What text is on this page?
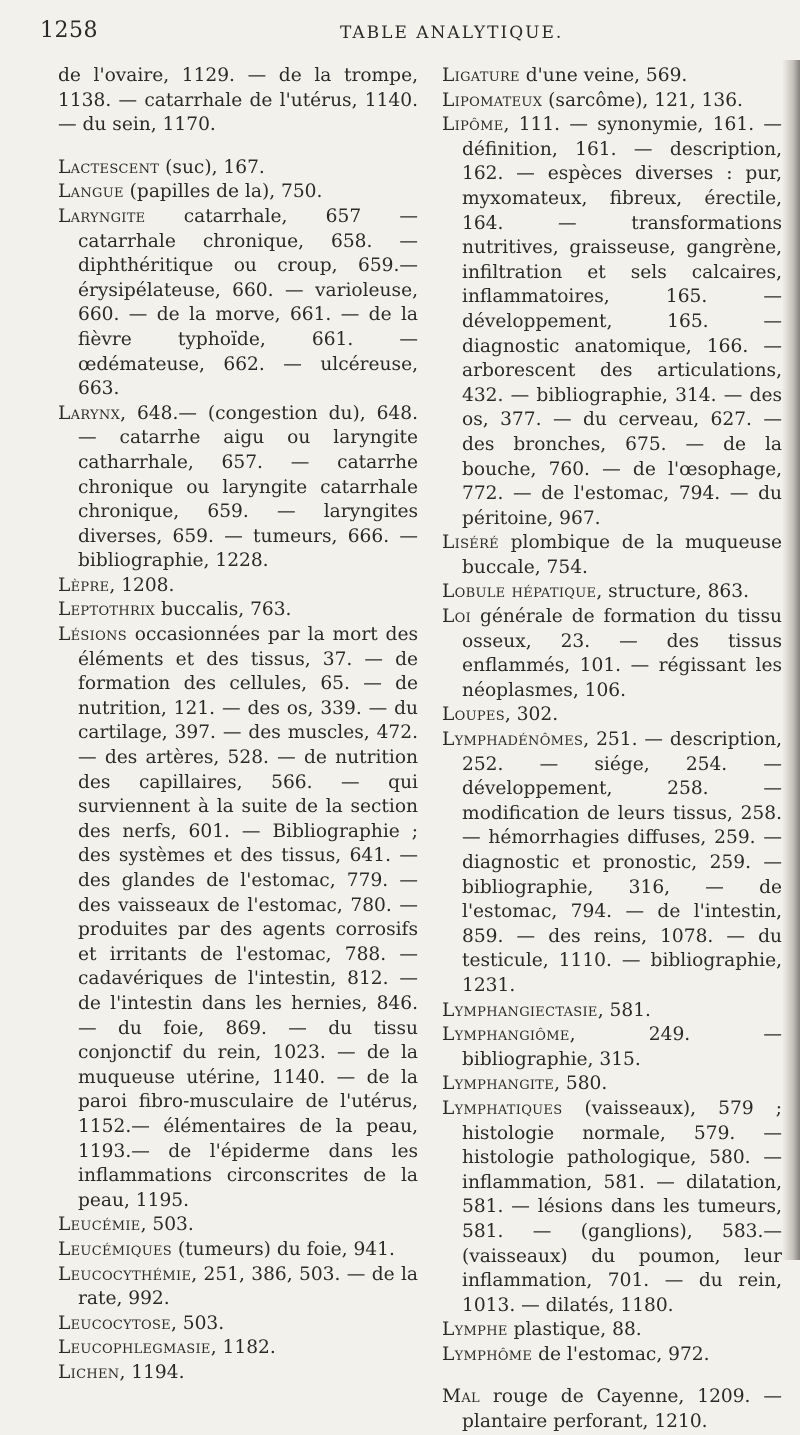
1258	TABLE ANALYTIQUE.

de l'ovaire, 1129. — de la trompe, 1138. — catarrhale de l'utérus, 1140. — du sein, 1170.

Lactescent (suc), 167.

Langue (papilles de la), 750.

Laryngite catarrhale, 657 — catarrhale chronique, 658. — diphthéritique ou croup, 659.— érysipélateuse, 660. — varioleuse, 660. — de la morve, 661. — de la fièvre typhoïde, 661. — œdémateuse, 662. — ulcéreuse, 663.

Larynx, 648.— (congestion du), 648. — catarrhe aigu ou laryngite catharrhale, 657. — catarrhe chronique ou laryngite catarrhale chronique, 659. — laryngites diverses, 659. — tumeurs, 666. — bibliographie, 1228.

Lèpre, 1208.

Leptothrix buccalis, 763.

Lésions occasionnées par la mort des éléments et des tissus, 37. — de formation des cellules, 65. — de nutrition, 121. — des os, 339. — du cartilage, 397. — des muscles, 472. — des artères, 528. — de nutrition des capillaires, 566. — qui surviennent à la suite de la section des nerfs, 601. — Bibliographie ; des systèmes et des tissus, 641. — des glandes de l'estomac, 779. — des vaisseaux de l'estomac, 780. — produites par des agents corrosifs et irritants de l'estomac, 788. — cadavériques de l'intestin, 812. — de l'intestin dans les hernies, 846. — du foie, 869. — du tissu conjonctif du rein, 1023. — de la muqueuse utérine, 1140. — de la paroi fibro-musculaire de l'utérus, 1152.— élémentaires de la peau, 1193.— de l'épiderme dans les inflammations circonscrites de la peau, 1195.

Leucémie, 503.

Leucémiques (tumeurs) du foie, 941.

Leucocythémie, 251, 386, 503. — de la rate, 992.

Leucocytose, 503.

Leucophlegmasie, 1182.

Lichen, 1194.

Ligature d'une veine, 569.

Lipomateux (sarcôme), 121, 136.

Lipôme, 111. — synonymie, 161. — définition, 161. — description, 162. — espèces diverses : pur, myxomateux, fibreux, érectile, 164. — transformations nutritives, graisseuse, gangrène, infiltration et sels calcaires, inflammatoires, 165. — développement, 165. — diagnostic anatomique, 166. — arborescent des articulations, 432. — bibliographie, 314. — des os, 377. — du cerveau, 627. — des bronches, 675. — de la bouche, 760. — de l'œsophage, 772. — de l'estomac, 794. — du péritoine, 967.

Liséré plombique de la muqueuse buccale, 754.

Lobule hépatique, structure, 863.

Loi générale de formation du tissu osseux, 23. — des tissus enflammés, 101. — régissant les néoplasmes, 106.

Loupes, 302.

Lymphadénômes, 251. — description, 252. — siége, 254. — développement, 258. — modification de leurs tissus, 258. — hémorrhagies diffuses, 259. — diagnostic et pronostic, 259. — bibliographie, 316, — de l'estomac, 794. — de l'intestin, 859. — des reins, 1078. — du testicule, 1110. — bibliographie, 1231.

Lymphangiectasie, 581.

Lymphangiôme, 249. — bibliographie, 315.

Lymphangite, 580.

Lymphatiques (vaisseaux), 579 ; histologie normale, 579. — histologie pathologique, 580. — inflammation, 581. — dilatation, 581. — lésions dans les tumeurs, 581. — (ganglions), 583.— (vaisseaux) du poumon, leur inflammation, 701. — du rein, 1013. — dilatés, 1180.

Lymphe plastique, 88.

Lymphôme de l'estomac, 972.

Mal rouge de Cayenne, 1209. — plantaire perforant, 1210.
